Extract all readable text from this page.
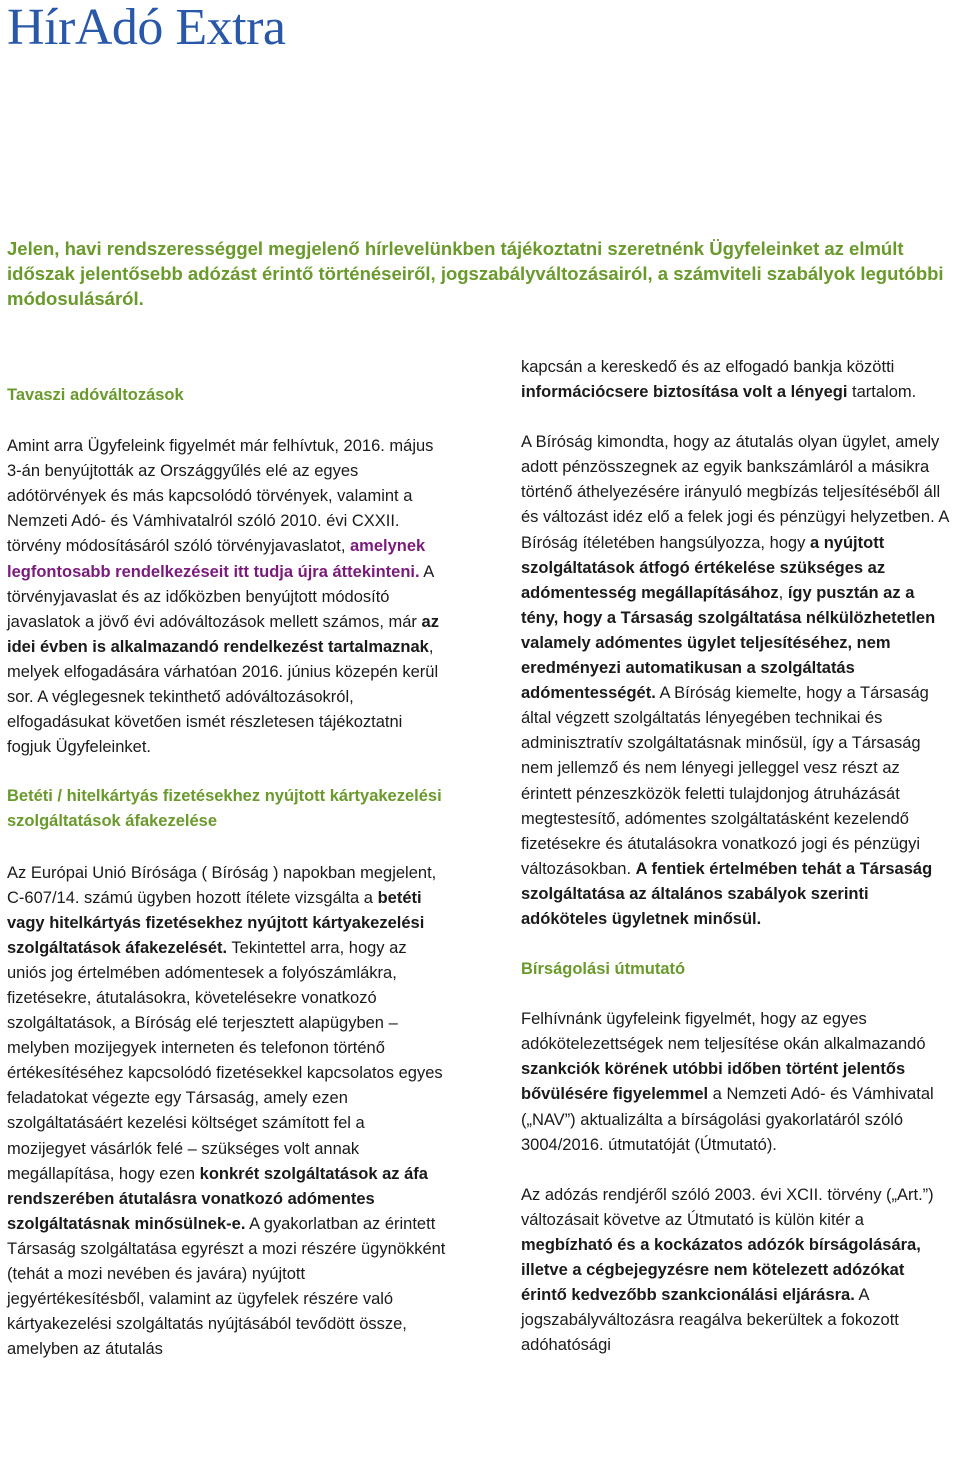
HírAdó Extra

Jelen, havi rendszerességgel megjelenő hírlevelünkben tájékoztatni szeretnénk Ügyfeleinket az elmúlt időszak jelentősebb adózást érintő történéseiről, jogszabályváltozásairól, a számviteli szabályok legutóbbi módosulásáról.

Tavaszi adóváltozások

Amint arra Ügyfeleink figyelmét már felhívtuk, 2016. május 3-án benyújtották az Országgyűlés elé az egyes adótörvények és más kapcsolódó törvények, valamint a Nemzeti Adó- és Vámhivatalról szóló 2010. évi CXXII. törvény módosításáról szóló törvényjavaslatot, amelynek legfontosabb rendelkezéseit itt tudja újra áttekinteni. A törvényjavaslat és az időközben benyújtott módosító javaslatok a jövő évi adóváltozások mellett számos, már az idei évben is alkalmazandó rendelkezést tartalmaznak, melyek elfogadására várhatóan 2016. június közepén kerül sor. A véglegesnek tekinthető adóváltozásokról, elfogadásukat követően ismét részletesen tájékoztatni fogjuk Ügyfeleinket.

Betéti / hitelkártyás fizetésekhez nyújtott kártyakezelési szolgáltatások áfakezelése

Az Európai Unió Bírósága ( Bíróság ) napokban megjelent, C-607/14. számú ügyben hozott ítélete vizsgálta a betéti vagy hitelkártyás fizetésekhez nyújtott kártyakezelési szolgáltatások áfakezelését. Tekintettel arra, hogy az uniós jog értelmében adómentesek a folyószámlákra, fizetésekre, átutalásokra, követelésekre vonatkozó szolgáltatások, a Bíróság elé terjesztett alapügyben – melyben mozijegyek interneten és telefonon történő értékesítéséhez kapcsolódó fizetésekkel kapcsolatos egyes feladatokat végezte egy Társaság, amely ezen szolgáltatásáért kezelési költséget számított fel a mozijegyet vásárlók felé – szükséges volt annak megállapítása, hogy ezen konkrét szolgáltatások az áfa rendszerében átutalásra vonatkozó adómentes szolgáltatásnak minősülnek-e. A gyakorlatban az érintett Társaság szolgáltatása egyrészt a mozi részére ügynökként (tehát a mozi nevében és javára) nyújtott jegyértékesítésből, valamint az ügyfelek részére való kártyakezelési szolgáltatás nyújtásából tevődött össze, amelyben az átutalás

kapcsán a kereskedő és az elfogadó bankja közötti információcsere biztosítása volt a lényegi tartalom.

A Bíróság kimondta, hogy az átutalás olyan ügylet, amely adott pénzösszegnek az egyik bankszámláról a másikra történő áthelyezésére irányuló megbízás teljesítéséből áll és változást idéz elő a felek jogi és pénzügyi helyzetben. A Bíróság ítéletében hangsúlyozza, hogy a nyújtott szolgáltatások átfogó értékelése szükséges az adómentesség megállapításához, így pusztán az a tény, hogy a Társaság szolgáltatása nélkülözhetetlen valamely adómentes ügylet teljesítéséhez, nem eredményezi automatikusan a szolgáltatás adómentességét. A Bíróság kiemelte, hogy a Társaság által végzett szolgáltatás lényegében technikai és adminisztratív szolgáltatásnak minősül, így a Társaság nem jellemző és nem lényegi jelleggel vesz részt az érintett pénzeszközök feletti tulajdonjog átruházását megtestesítő, adómentes szolgáltatásként kezelendő fizetésekre és átutalásokra vonatkozó jogi és pénzügyi változásokban. A fentiek értelmében tehát a Társaság szolgáltatása az általános szabályok szerinti adóköteles ügyletnek minősül.

Bírságolási útmutató

Felhívnánk ügyfeleink figyelmét, hogy az egyes adókötelezettségek nem teljesítése okán alkalmazandó szankciók körének utóbbi időben történt jelentős bővülésére figyelemmel a Nemzeti Adó- és Vámhivatal („NAV”) aktualizálta a bírságolási gyakorlatáról szóló 3004/2016. útmutatóját (Útmutató).

Az adózás rendjéről szóló 2003. évi XCII. törvény („Art.”) változásait követve az Útmutató is külön kitér a megbízható és a kockázatos adózók bírságolására, illetve a cégbejegyzésre nem kötelezett adózókat érintő kedvezőbb szankcionálási eljárásra. A jogszabályváltozásra reagálva bekerültek a fokozott adóhatósági
